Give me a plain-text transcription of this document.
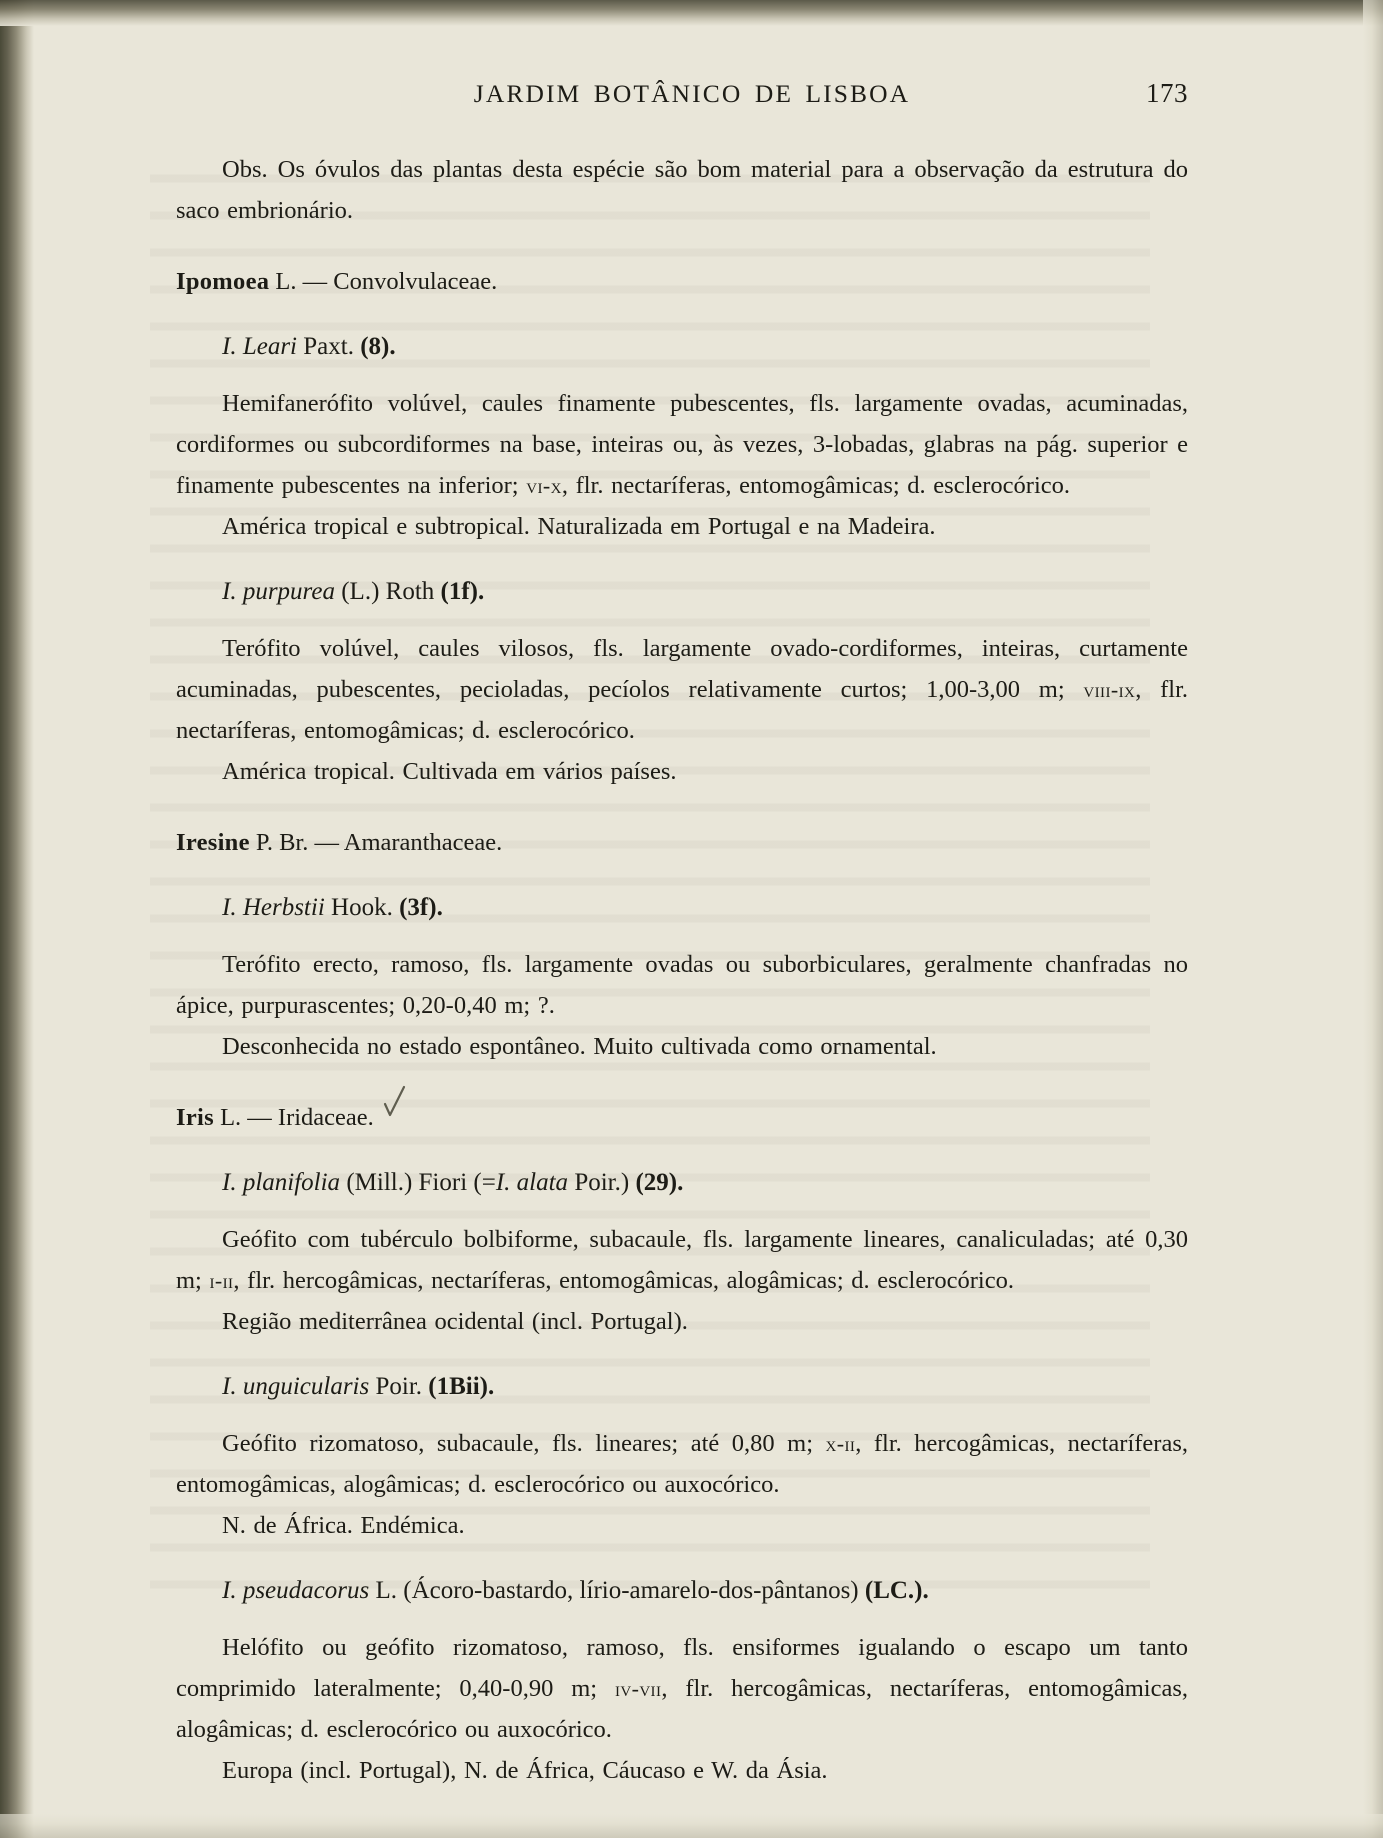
JARDIM BOTÂNICO DE LISBOA	173

Obs. Os óvulos das plantas desta espécie são bom material para a observação da estrutura do saco embrionário.

Ipomoea L. — Convolvulaceae.
I. Leari Paxt. (8).

Hemifanerófito volúvel, caules finamente pubescentes, fls. largamente ovadas, acuminadas, cordiformes ou subcordiformes na base, inteiras ou, às vezes, 3-lobadas, glabras na pág. superior e finamente pubescentes na inferior; vi-x, flr. nectaríferas, entomogâmicas; d. esclerocórico.

América tropical e subtropical. Naturalizada em Portugal e na Madeira.

I. purpurea (L.) Roth (1f).

Terófito volúvel, caules vilosos, fls. largamente ovado-cordiformes, inteiras, curtamente acuminadas, pubescentes, pecioladas, pecíolos relativamente curtos; 1,00-3,00 m; viii-ix, flr. nectaríferas, entomogâmicas; d. esclerocórico.

América tropical. Cultivada em vários países.

Iresine P. Br. — Amaranthaceae.
I. Herbstii Hook. (3f).

Terófito erecto, ramoso, fls. largamente ovadas ou suborbiculares, geralmente chanfradas no ápice, purpurascentes; 0,20-0,40 m; ?.

Desconhecida no estado espontâneo. Muito cultivada como ornamental.

Iris L. — Iridaceae.
I. planifolia (Mill.) Fiori (=I. alata Poir.) (29).

Geófito com tubérculo bolbiforme, subacaule, fls. largamente lineares, canaliculadas; até 0,30 m; i-ii, flr. hercogâmicas, nectaríferas, entomogâmicas, alogâmicas; d. esclerocórico.

Região mediterrânea ocidental (incl. Portugal).

I. unguicularis Poir. (1Bii).

Geófito rizomatoso, subacaule, fls. lineares; até 0,80 m; x-ii, flr. hercogâmicas, nectaríferas, entomogâmicas, alogâmicas; d. esclerocórico ou auxocórico.

N. de África. Endémica.

I. pseudacorus L. (Ácoro-bastardo, lírio-amarelo-dos-pântanos) (LC.).

Helófito ou geófito rizomatoso, ramoso, fls. ensiformes igualando o escapo um tanto comprimido lateralmente; 0,40-0,90 m; iv-vii, flr. hercogâmicas, nectaríferas, entomogâmicas, alogâmicas; d. esclerocórico ou auxocórico.

Europa (incl. Portugal), N. de África, Cáucaso e W. da Ásia.
